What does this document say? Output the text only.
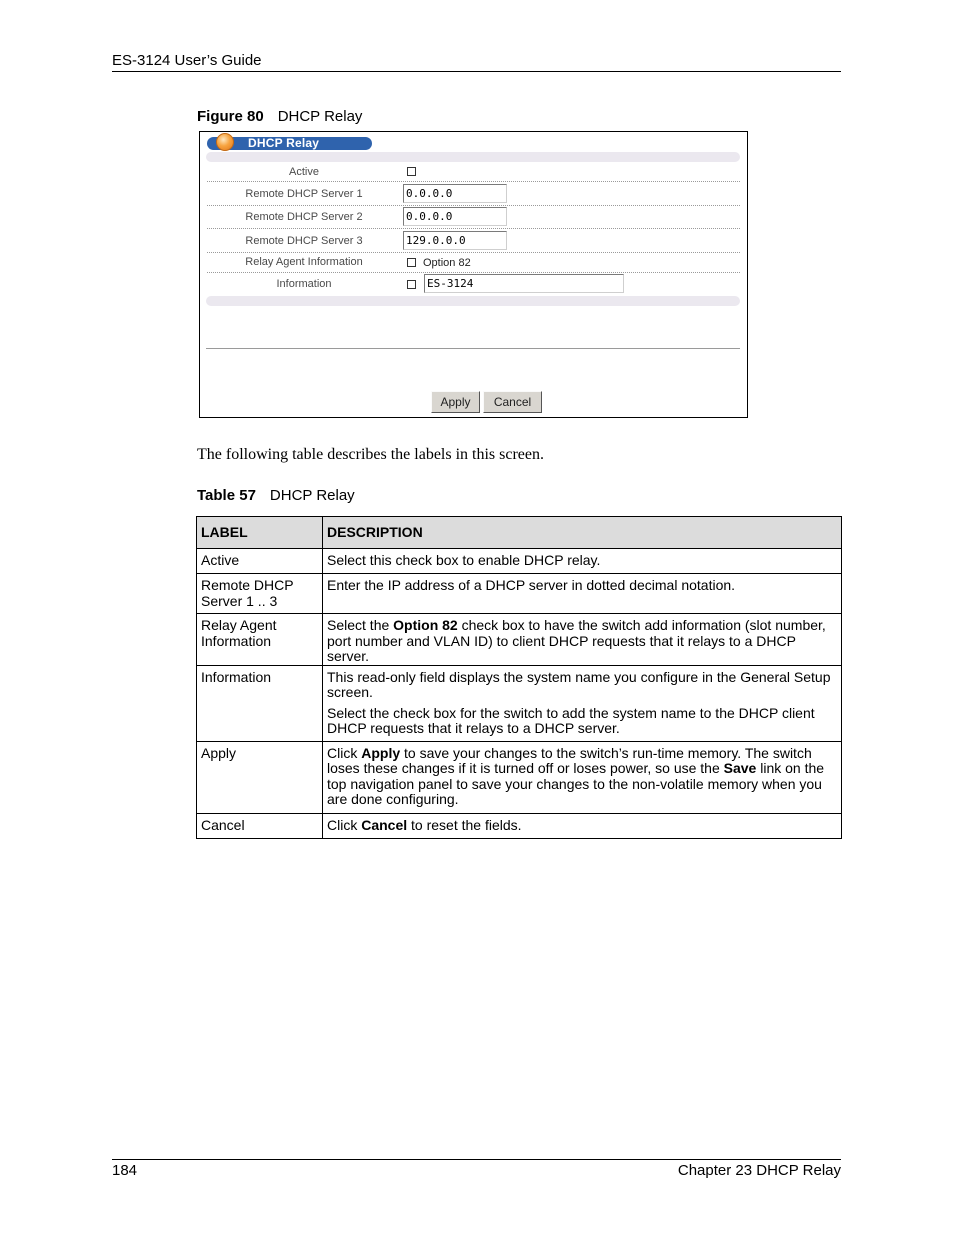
ES-3124 User’s Guide
Figure 80 DHCP Relay
DHCP Relay
Active
Remote DHCP Server 1	0.0.0.0
Remote DHCP Server 2	0.0.0.0
Remote DHCP Server 3	129.0.0.0
Relay Agent Information	Option 82
Information	ES-3124
Apply	Cancel
The following table describes the labels in this screen.
Table 57 DHCP Relay
LABEL	DESCRIPTION
Active	Select this check box to enable DHCP relay.
Remote DHCP Server 1 .. 3	Enter the IP address of a DHCP server in dotted decimal notation.
Relay Agent Information	Select the Option 82 check box to have the switch add information (slot number, port number and VLAN ID) to client DHCP requests that it relays to a DHCP server.
Information	This read-only field displays the system name you configure in the General Setup screen.

Select the check box for the switch to add the system name to the DHCP client DHCP requests that it relays to a DHCP server.

Apply	Click Apply to save your changes to the switch’s run-time memory. The switch loses these changes if it is turned off or loses power, so use the Save link on the top navigation panel to save your changes to the non-volatile memory when you are done configuring.
Cancel	Click Cancel to reset the fields.
184	Chapter 23 DHCP Relay
